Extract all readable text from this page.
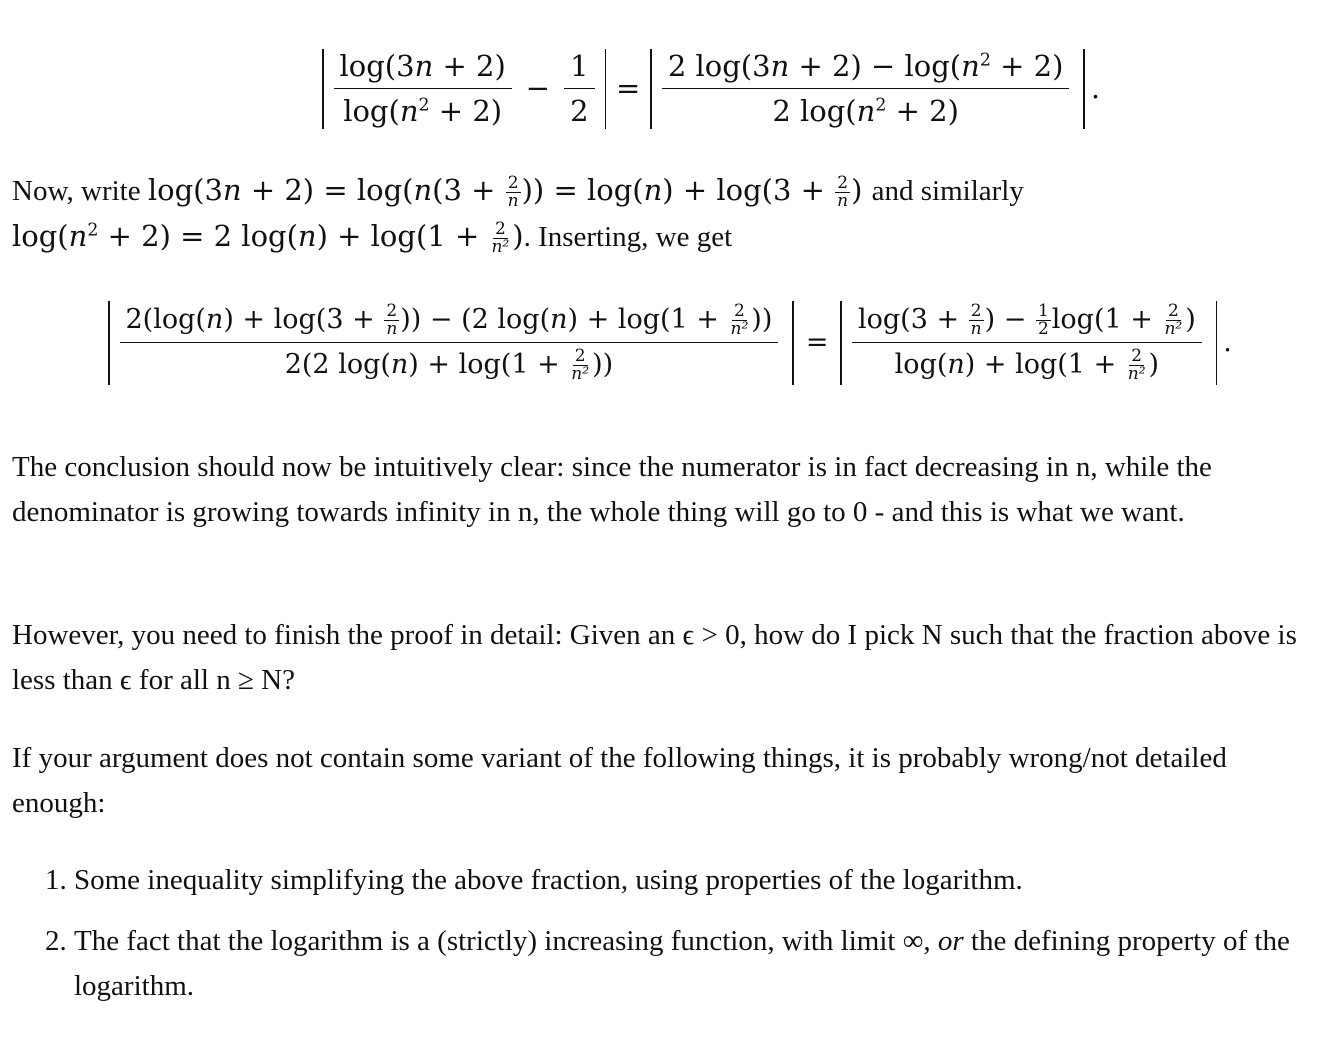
$\frac{\log(3n + 2)}{\log(n^2 + 2)} - \frac{1}{2} = \frac{2 \log(3n + 2) - \log(n^2 + 2)}{2 \log(n^2 + 2)}$ .
Now, write $\log(3n + 2) = \log(n(3 + \frac{2}{n}$ )) = $\log(n) + \log(3 + \frac{2}{n}$ ) and similarly
$\log(n^2 + 2) = 2$ $\log(n) + \log(1 + \frac{2}{\text{n²}}$ ). Inserting, we get
$\frac{2(\log(n) + \log(3 + \frac{2}{n} )) - (2 \log(n) + \log(1 + \frac{2}{\text{n²}} ))}{2(2 \log(n) + \log(1 + \frac{2}{\text{n²}} ))} = \frac{\log(3 + \frac{2}{n} ) - \frac{1}{2} \log(1 + \frac{2}{\text{n²}} )}{\log(n) + \log(1 + \frac{2}{\text{n²}} )}$ .

The conclusion should now be intuitively clear: since the numerator is in fact decreasing in n, while the denominator is growing towards infinity in n, the whole thing will go to 0 - and this is what we want.

However, you need to finish the proof in detail: Given an ϵ > 0, how do I pick N such that the fraction above is less than ϵ for all n ≥ N?

If your argument does not contain some variant of the following things, it is probably wrong/not detailed enough:

1. Some inequality simplifying the above fraction, using properties of the logarithm.
2. The fact that the logarithm is a (strictly) increasing function, with limit ∞, or the defining property of the logarithm.
